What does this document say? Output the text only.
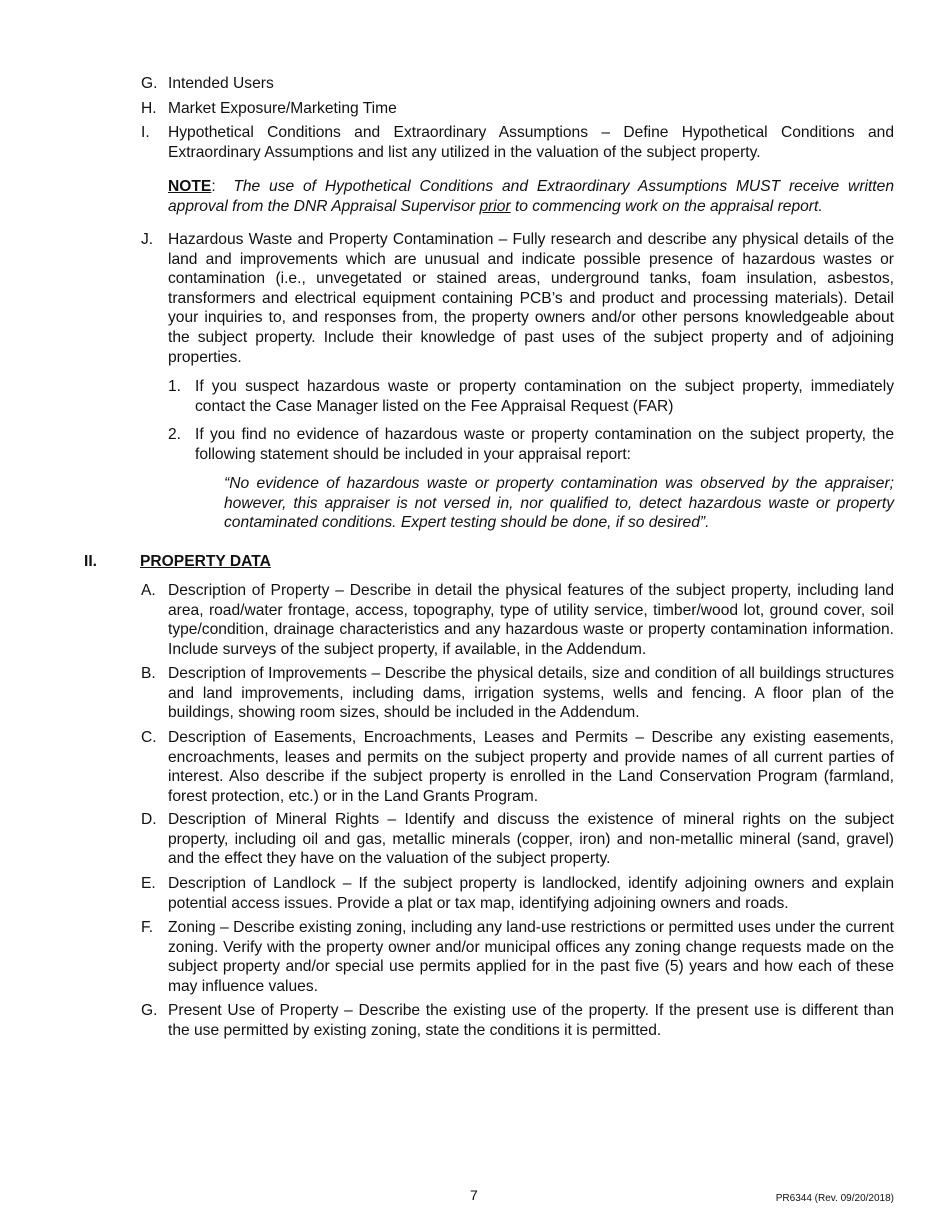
G. Intended Users
H. Market Exposure/Marketing Time
I. Hypothetical Conditions and Extraordinary Assumptions – Define Hypothetical Conditions and Extraordinary Assumptions and list any utilized in the valuation of the subject property.
NOTE:  The use of Hypothetical Conditions and Extraordinary Assumptions MUST receive written approval from the DNR Appraisal Supervisor prior to commencing work on the appraisal report.
J. Hazardous Waste and Property Contamination – Fully research and describe any physical details of the land and improvements which are unusual and indicate possible presence of hazardous wastes or contamination (i.e., unvegetated or stained areas, underground tanks, foam insulation, asbestos, transformers and electrical equipment containing PCB’s and product and processing materials). Detail your inquiries to, and responses from, the property owners and/or other persons knowledgeable about the subject property. Include their knowledge of past uses of the subject property and of adjoining properties.
1. If you suspect hazardous waste or property contamination on the subject property, immediately contact the Case Manager listed on the Fee Appraisal Request (FAR)
2. If you find no evidence of hazardous waste or property contamination on the subject property, the following statement should be included in your appraisal report:
“No evidence of hazardous waste or property contamination was observed by the appraiser; however, this appraiser is not versed in, nor qualified to, detect hazardous waste or property contaminated conditions. Expert testing should be done, if so desired”.
II.	PROPERTY DATA
A. Description of Property – Describe in detail the physical features of the subject property, including land area, road/water frontage, access, topography, type of utility service, timber/wood lot, ground cover, soil type/condition, drainage characteristics and any hazardous waste or property contamination information. Include surveys of the subject property, if available, in the Addendum.
B. Description of Improvements – Describe the physical details, size and condition of all buildings structures and land improvements, including dams, irrigation systems, wells and fencing. A floor plan of the buildings, showing room sizes, should be included in the Addendum.
C. Description of Easements, Encroachments, Leases and Permits – Describe any existing easements, encroachments, leases and permits on the subject property and provide names of all current parties of interest. Also describe if the subject property is enrolled in the Land Conservation Program (farmland, forest protection, etc.) or in the Land Grants Program.
D. Description of Mineral Rights – Identify and discuss the existence of mineral rights on the subject property, including oil and gas, metallic minerals (copper, iron) and non-metallic mineral (sand, gravel) and the effect they have on the valuation of the subject property.
E. Description of Landlock – If the subject property is landlocked, identify adjoining owners and explain potential access issues. Provide a plat or tax map, identifying adjoining owners and roads.
F. Zoning – Describe existing zoning, including any land-use restrictions or permitted uses under the current zoning. Verify with the property owner and/or municipal offices any zoning change requests made on the subject property and/or special use permits applied for in the past five (5) years and how each of these may influence values.
G. Present Use of Property – Describe the existing use of the property. If the present use is different than the use permitted by existing zoning, state the conditions it is permitted.
7	PR6344 (Rev. 09/20/2018)
